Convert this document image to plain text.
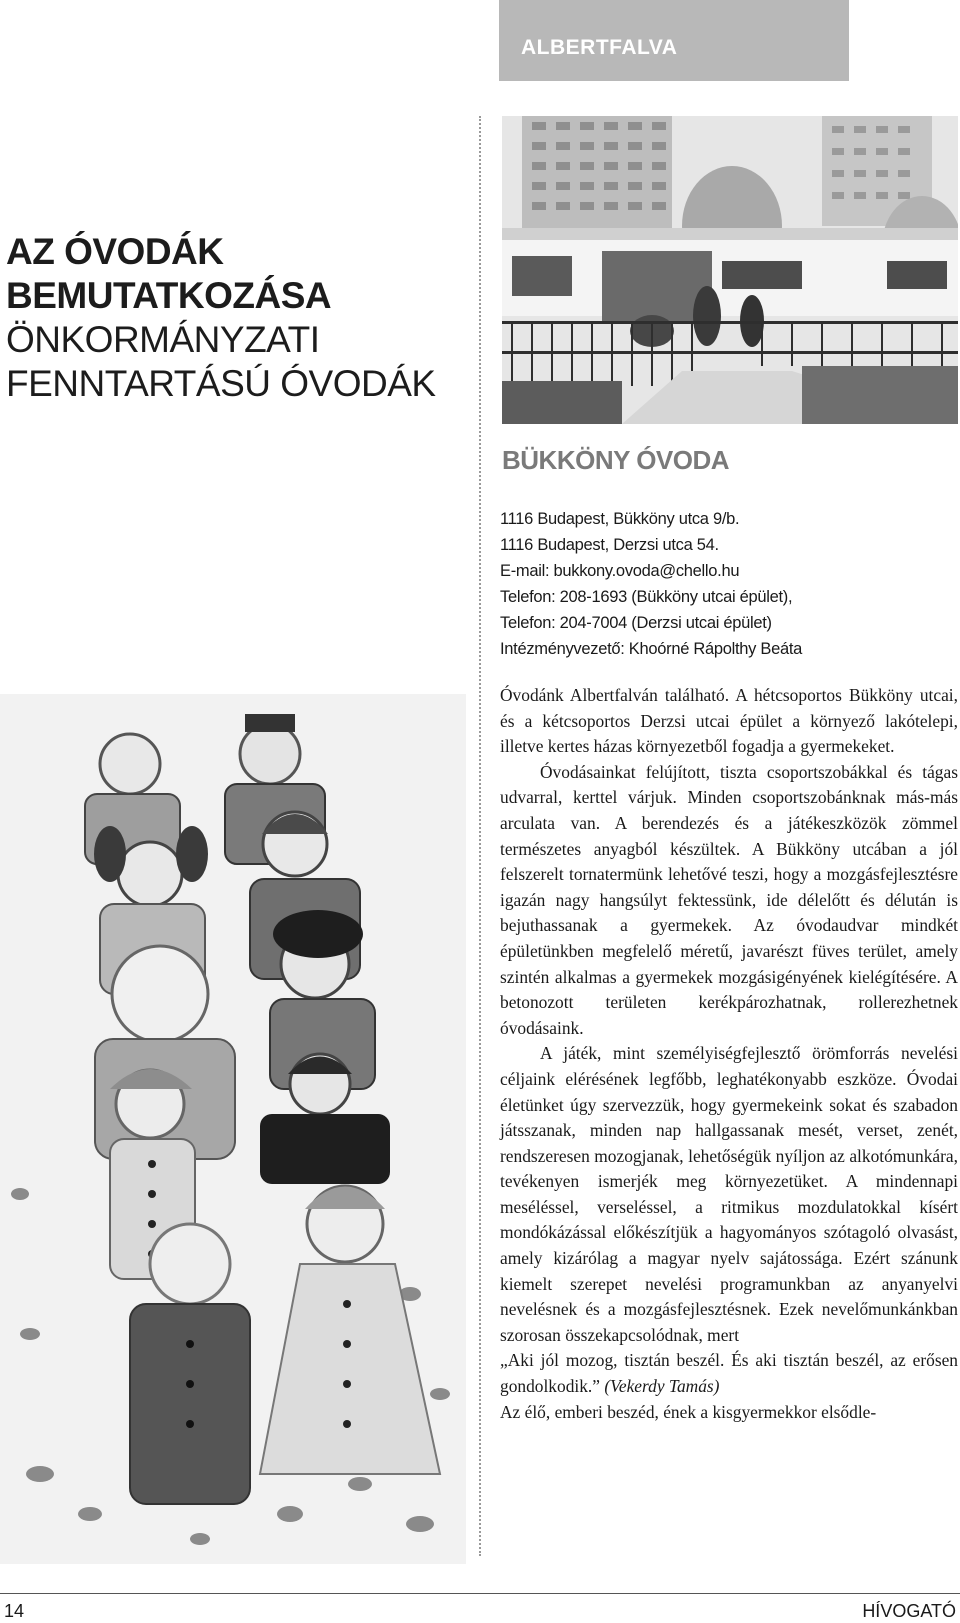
ALBERTFALVA
AZ ÓVODÁK
BEMUTATKOZÁSA
ÖNKORMÁNYZATI
FENNTARTÁSÚ ÓVODÁK
BÜKKÖNY ÓVODA
1116 Budapest, Bükköny utca 9/b.
1116 Budapest, Derzsi utca 54.
E-mail: bukkony.ovoda@chello.hu
Telefon: 208-1693 (Bükköny utcai épület),
Telefon: 204-7004 (Derzsi utcai épület)
Intézményvezető: Khoórné Rápolthy Beáta

Óvodánk Albertfalván található. A hétcsoportos Bükköny utcai, és a kétcsoportos Derzsi utcai épület a környező lakótelepi, illetve kertes házas környezetből fogadja a gyermekeket.

Óvodásainkat felújított, tiszta csoportszobákkal és tágas udvarral, kerttel várjuk. Minden csoportszobánknak más-más arculata van. A berendezés és a játékeszközök zömmel természetes anyagból készültek. A Bükköny utcában a jól felszerelt tornatermünk lehetővé teszi, hogy a mozgásfejlesztésre igazán nagy hangsúlyt fektessünk, ide délelőtt és délután is bejuthassanak a gyermekek. Az óvodaudvar mindkét épületünkben megfelelő méretű, javarészt füves terület, amely szintén alkalmas a gyermekek mozgásigényének kielégítésére. A betonozott területen kerékpározhatnak, rollerezhetnek óvodásaink.

A játék, mint személyiségfejlesztő örömforrás nevelési céljaink elérésének legfőbb, leghatékonyabb eszköze. Óvodai életünket úgy szervezzük, hogy gyermekeink sokat és szabadon játsszanak, minden nap hallgassanak mesét, verset, zenét, rendszeresen mozogjanak, lehetőségük nyíljon az alkotómunkára, tevékenyen ismerjék meg környezetüket. A mindennapi meséléssel, verseléssel, a ritmikus mozdulatokkal kísért mondókázással előkészítjük a hagyományos szótagoló olvasást, amely kizárólag a magyar nyelv sajátossága. Ezért szánunk kiemelt szerepet nevelési programunkban az anyanyelvi nevelésnek és a mozgásfejlesztésnek. Ezek nevelőmunkánkban szorosan összekapcsolódnak, mert

„Aki jól mozog, tisztán beszél. És aki tisztán beszél, az erősen gondolkodik.” (Vekerdy Tamás)

Az élő, emberi beszéd, ének a kisgyermekkor elsődle-

14	HÍVOGATÓ
